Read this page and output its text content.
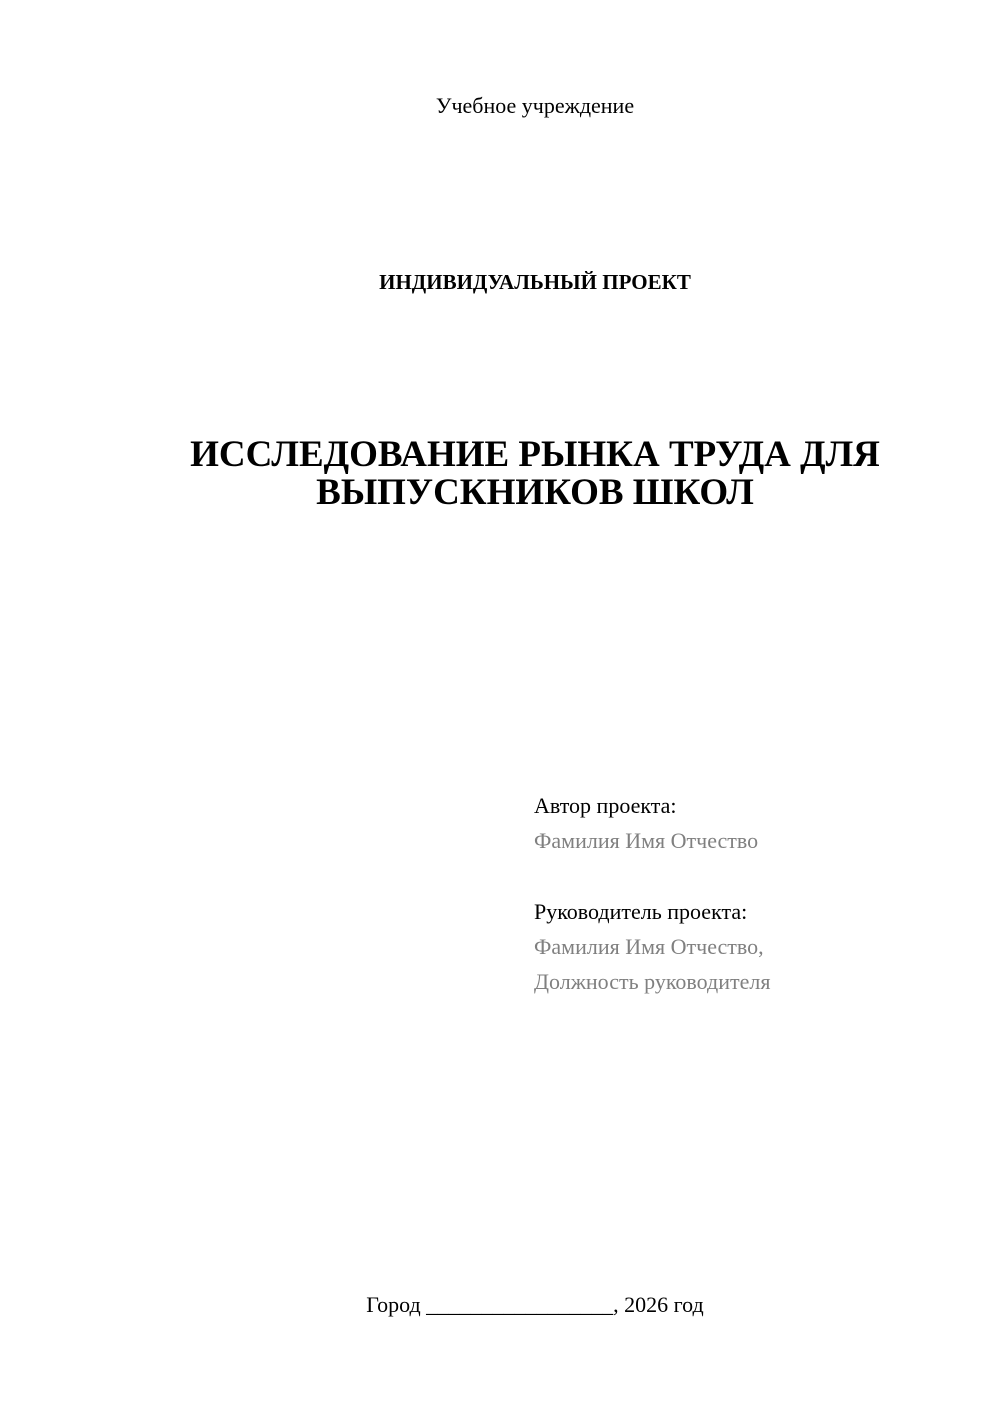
Учебное учреждение
ИНДИВИДУАЛЬНЫЙ ПРОЕКТ
ИССЛЕДОВАНИЕ РЫНКА ТРУДА ДЛЯ
ВЫПУСКНИКОВ ШКОЛ
Автор проекта:
Фамилия Имя Отчество
Руководитель проекта:
Фамилия Имя Отчество,
Должность руководителя
Город _________________, 2026 год
